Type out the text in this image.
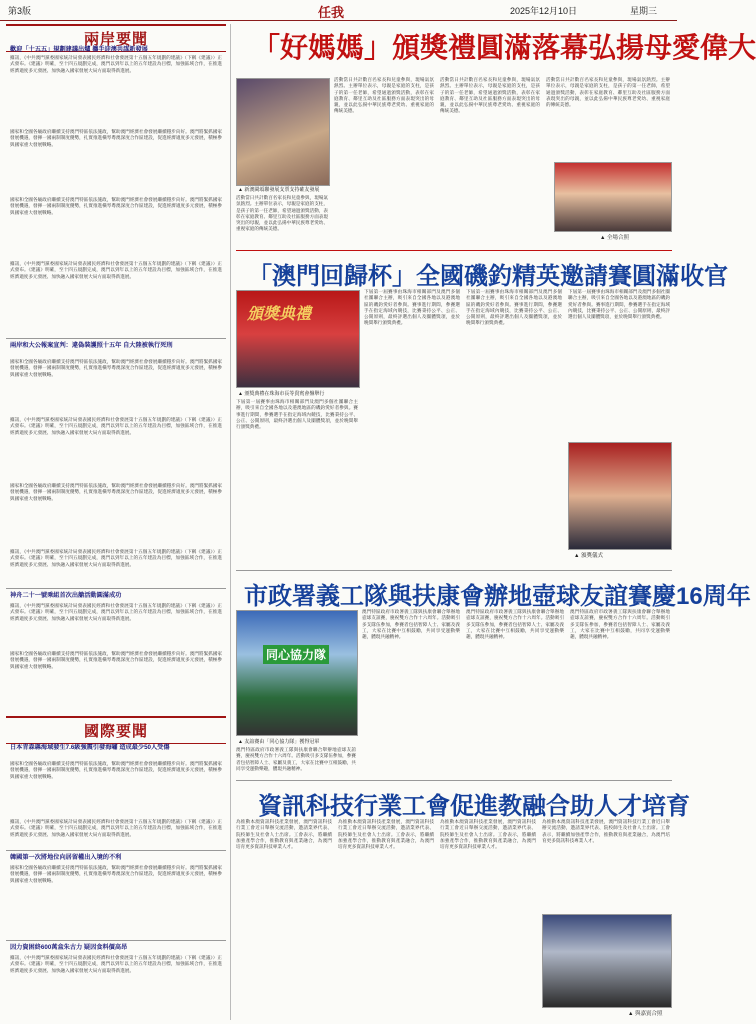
第3版	任我	2025年12月10日	星期三
兩岸要聞
歡迎「十五五」規劃建議出爐 攜手迎澳共謀新發展
據訊，《中共澳門黨委國家統計局發表國民經濟和社會發展第十五個五年規劃的建議》（下稱《建議》）正式發布。《建議》明確，至十四五規劃完成，澳門以到年以上的五年建設為目標，加強區域合作，在推進經濟適度多元發展、加快融入國家發展大局方面取得新進展。
國家和全國各級政府繼續支持澳門特區依法施政，幫助澳門經濟社會發展繼續穩步向好。澳門將緊抓國家發展機遇，發揮一國兩制制度優勢，扎實推進橫琴粵澳深度合作區建設，促進經濟適度多元發展，積極參與國家重大發展戰略。
國家和全國各級政府繼續支持澳門特區依法施政，幫助澳門經濟社會發展繼續穩步向好。澳門將緊抓國家發展機遇，發揮一國兩制制度優勢，扎實推進橫琴粵澳深度合作區建設，促進經濟適度多元發展，積極參與國家重大發展戰略。
據訊，《中共澳門黨委國家統計局發表國民經濟和社會發展第十五個五年規劃的建議》（下稱《建議》）正式發布。《建議》明確，至十四五規劃完成，澳門以到年以上的五年建設為目標，加強區域合作，在推進經濟適度多元發展、加快融入國家發展大局方面取得新進展。
兩岸和大公報案宣判：違偽裝護照十五年 自大陸被執行死刑
國家和全國各級政府繼續支持澳門特區依法施政，幫助澳門經濟社會發展繼續穩步向好。澳門將緊抓國家發展機遇，發揮一國兩制制度優勢，扎實推進橫琴粵澳深度合作區建設，促進經濟適度多元發展，積極參與國家重大發展戰略。
據訊，《中共澳門黨委國家統計局發表國民經濟和社會發展第十五個五年規劃的建議》（下稱《建議》）正式發布。《建議》明確，至十四五規劃完成，澳門以到年以上的五年建設為目標，加強區域合作，在推進經濟適度多元發展、加快融入國家發展大局方面取得新進展。
國家和全國各級政府繼續支持澳門特區依法施政，幫助澳門經濟社會發展繼續穩步向好。澳門將緊抓國家發展機遇，發揮一國兩制制度優勢，扎實推進橫琴粵澳深度合作區建設，促進經濟適度多元發展，積極參與國家重大發展戰略。
據訊，《中共澳門黨委國家統計局發表國民經濟和社會發展第十五個五年規劃的建議》（下稱《建議》）正式發布。《建議》明確，至十四五規劃完成，澳門以到年以上的五年建設為目標，加強區域合作，在推進經濟適度多元發展、加快融入國家發展大局方面取得新進展。
神舟二十一號乘組首次出艙活動圓滿成功
據訊，《中共澳門黨委國家統計局發表國民經濟和社會發展第十五個五年規劃的建議》（下稱《建議》）正式發布。《建議》明確，至十四五規劃完成，澳門以到年以上的五年建設為目標，加強區域合作，在推進經濟適度多元發展、加快融入國家發展大局方面取得新進展。
國家和全國各級政府繼續支持澳門特區依法施政，幫助澳門經濟社會發展繼續穩步向好。澳門將緊抓國家發展機遇，發揮一國兩制制度優勢，扎實推進橫琴粵澳深度合作區建設，促進經濟適度多元發展，積極參與國家重大發展戰略。
國際要聞
日本青森縣海域發生7.6級強震引發海嘯 造成最少50人受傷
國家和全國各級政府繼續支持澳門特區依法施政，幫助澳門經濟社會發展繼續穩步向好。澳門將緊抓國家發展機遇，發揮一國兩制制度優勢，扎實推進橫琴粵澳深度合作區建設，促進經濟適度多元發展，積極參與國家重大發展戰略。
據訊，《中共澳門黨委國家統計局發表國民經濟和社會發展第十五個五年規劃的建議》（下稱《建議》）正式發布。《建議》明確，至十四五規劃完成，澳門以到年以上的五年建設為目標，加強區域合作，在推進經濟適度多元發展、加快融入國家發展大局方面取得新進展。
韓國第一次將地位向居留權出入境的不利
國家和全國各級政府繼續支持澳門特區依法施政，幫助澳門經濟社會發展繼續穩步向好。澳門將緊抓國家發展機遇，發揮一國兩制制度優勢，扎實推進橫琴粵澳深度合作區建設，促進經濟適度多元發展，積極參與國家重大發展戰略。
因力資困終600萬盒朱古力 疑因食料價高昂
據訊，《中共澳門黨委國家統計局發表國民經濟和社會發展第十五個五年規劃的建議》（下稱《建議》）正式發布。《建議》明確，至十四五規劃完成，澳門以到年以上的五年建設為目標，加強區域合作，在推進經濟適度多元發展、加快融入國家發展大局方面取得新進展。
「好媽媽」頒獎禮圓滿落幕弘揚母愛偉大
▲ 新澳閩頌聯發展支票支持確友發展
活動當日共計數百名家長和兒童參與，現場氣氛熱烈。主辦單位表示，母親是家庭的支柱，是孩子的第一任老師，希望通過頒獎活動，表彰在家庭教育、鄰里互助及社區服務方面表現突出的母親，並以此弘揚中華民族尊老愛幼、重視家庭的傳統美德。
活動當日共計數百名家長和兒童參與，現場氣氛熱烈。主辦單位表示，母親是家庭的支柱，是孩子的第一任老師，希望通過頒獎活動，表彰在家庭教育、鄰里互助及社區服務方面表現突出的母親，並以此弘揚中華民族尊老愛幼、重視家庭的傳統美德。
活動當日共計數百名家長和兒童參與，現場氣氛熱烈。主辦單位表示，母親是家庭的支柱，是孩子的第一任老師，希望通過頒獎活動，表彰在家庭教育、鄰里互助及社區服務方面表現突出的母親，並以此弘揚中華民族尊老愛幼、重視家庭的傳統美德。
活動當日共計數百名家長和兒童參與，現場氣氛熱烈。主辦單位表示，母親是家庭的支柱，是孩子的第一任老師，希望通過頒獎活動，表彰在家庭教育、鄰里互助及社區服務方面表現突出的母親，並以此弘揚中華民族尊老愛幼、重視家庭的傳統美德。
▲ 全場合照
「澳門回歸杯」全國磯釣精英邀請賽圓滿收官
頒獎典禮
▲ 頒獎典禮在珠海市長等貴賓會盤舉行
下屆第一屆賽事由珠海市相關部門及澳門多個社團聯合主辦，吸引來自全國各地以及港澳地區的磯釣愛好者參與。賽事進行期間，參賽選手在指定海域內競技，比賽秉持公平、公正、公開原則，最終評選出個人及團體獎項，並於晚間舉行頒獎典禮。
下屆第一屆賽事由珠海市相關部門及澳門多個社團聯合主辦，吸引來自全國各地以及港澳地區的磯釣愛好者參與。賽事進行期間，參賽選手在指定海域內競技，比賽秉持公平、公正、公開原則，最終評選出個人及團體獎項，並於晚間舉行頒獎典禮。
下屆第一屆賽事由珠海市相關部門及澳門多個社團聯合主辦，吸引來自全國各地以及港澳地區的磯釣愛好者參與。賽事進行期間，參賽選手在指定海域內競技，比賽秉持公平、公正、公開原則，最終評選出個人及團體獎項，並於晚間舉行頒獎典禮。
下屆第一屆賽事由珠海市相關部門及澳門多個社團聯合主辦，吸引來自全國各地以及港澳地區的磯釣愛好者參與。賽事進行期間，參賽選手在指定海域內競技，比賽秉持公平、公正、公開原則，最終評選出個人及團體獎項，並於晚間舉行頒獎典禮。
▲ 頒獎儀式
市政署義工隊與扶康會辦地壺球友誼賽慶16周年
同心協力隊
▲ 友誼賽由「同心協力隊」獲得冠軍
澳門特區政府市政署義工隊與扶康會聯合舉辦地壺球友誼賽，慶祝雙方合作十六周年。活動吸引多支隊伍參加，參賽者包括智障人士、家屬及義工，大家在比賽中互相鼓勵，共同享受運動樂趣，體現共融精神。
澳門特區政府市政署義工隊與扶康會聯合舉辦地壺球友誼賽，慶祝雙方合作十六周年。活動吸引多支隊伍參加，參賽者包括智障人士、家屬及義工，大家在比賽中互相鼓勵，共同享受運動樂趣，體現共融精神。
澳門特區政府市政署義工隊與扶康會聯合舉辦地壺球友誼賽，慶祝雙方合作十六周年。活動吸引多支隊伍參加，參賽者包括智障人士、家屬及義工，大家在比賽中互相鼓勵，共同享受運動樂趣，體現共融精神。
澳門特區政府市政署義工隊與扶康會聯合舉辦地壺球友誼賽，慶祝雙方合作十六周年。活動吸引多支隊伍參加，參賽者包括智障人士、家屬及義工，大家在比賽中互相鼓勵，共同享受運動樂趣，體現共融精神。
資訊科技行業工會促進教融合助人才培育
為推動本澳資訊科技產業發展，澳門資訊科技行業工會近日舉辦交流活動，邀請業界代表、院校師生及社會人士出席。工會表示，將繼續加強產學合作，推動教育與產業融合，為澳門培育更多資訊科技專業人才。
為推動本澳資訊科技產業發展，澳門資訊科技行業工會近日舉辦交流活動，邀請業界代表、院校師生及社會人士出席。工會表示，將繼續加強產學合作，推動教育與產業融合，為澳門培育更多資訊科技專業人才。
為推動本澳資訊科技產業發展，澳門資訊科技行業工會近日舉辦交流活動，邀請業界代表、院校師生及社會人士出席。工會表示，將繼續加強產學合作，推動教育與產業融合，為澳門培育更多資訊科技專業人才。
為推動本澳資訊科技產業發展，澳門資訊科技行業工會近日舉辦交流活動，邀請業界代表、院校師生及社會人士出席。工會表示，將繼續加強產學合作，推動教育與產業融合，為澳門培育更多資訊科技專業人才。
▲ 與嘉賓合照
